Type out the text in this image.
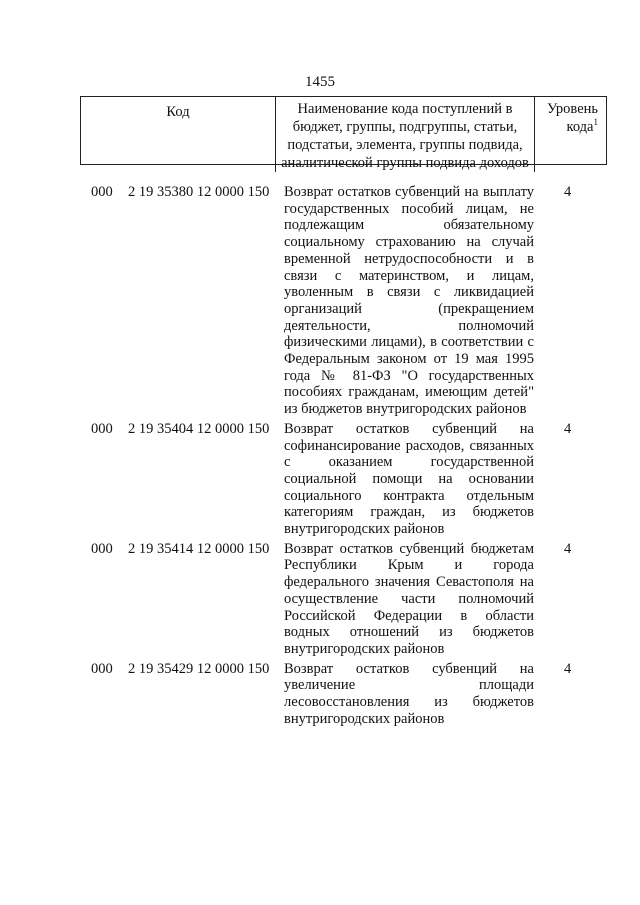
1455
Код	Наименование кода поступлений в бюджет, группы, подгруппы, статьи, подстатьи, элемента, группы подвида, аналитической группы подвида доходов
Уровень кода$^1$
000 2 19 35380 12 0000 150 Возврат остатков субвенций на выплату государственных пособий лицам, не подлежащим обязательному социальному страхованию на случай временной нетрудоспособности и в связи с материнством, и лицам, уволенным в связи с ликвидацией организаций (прекращением деятельности, полномочий физическими лицами), в соответствии с Федеральным законом от 19 мая 1995 года № 81-ФЗ "О государственных пособиях гражданам, имеющим детей" из бюджетов внутригородских районов
4
000 2 19 35404 12 0000 150 Возврат остатков субвенций на софинансирование расходов, связанных с оказанием государственной социальной помощи на основании социального контракта отдельным категориям граждан, из бюджетов внутригородских районов
4
000 2 19 35414 12 0000 150 Возврат остатков субвенций бюджетам Республики Крым и города федерального значения Севастополя на осуществление части полномочий Российской Федерации в области водных отношений из бюджетов внутригородских районов
4
000 2 19 35429 12 0000 150 Возврат остатков субвенций на увеличение площади лесовосстановления из бюджетов внутригородских районов
4
